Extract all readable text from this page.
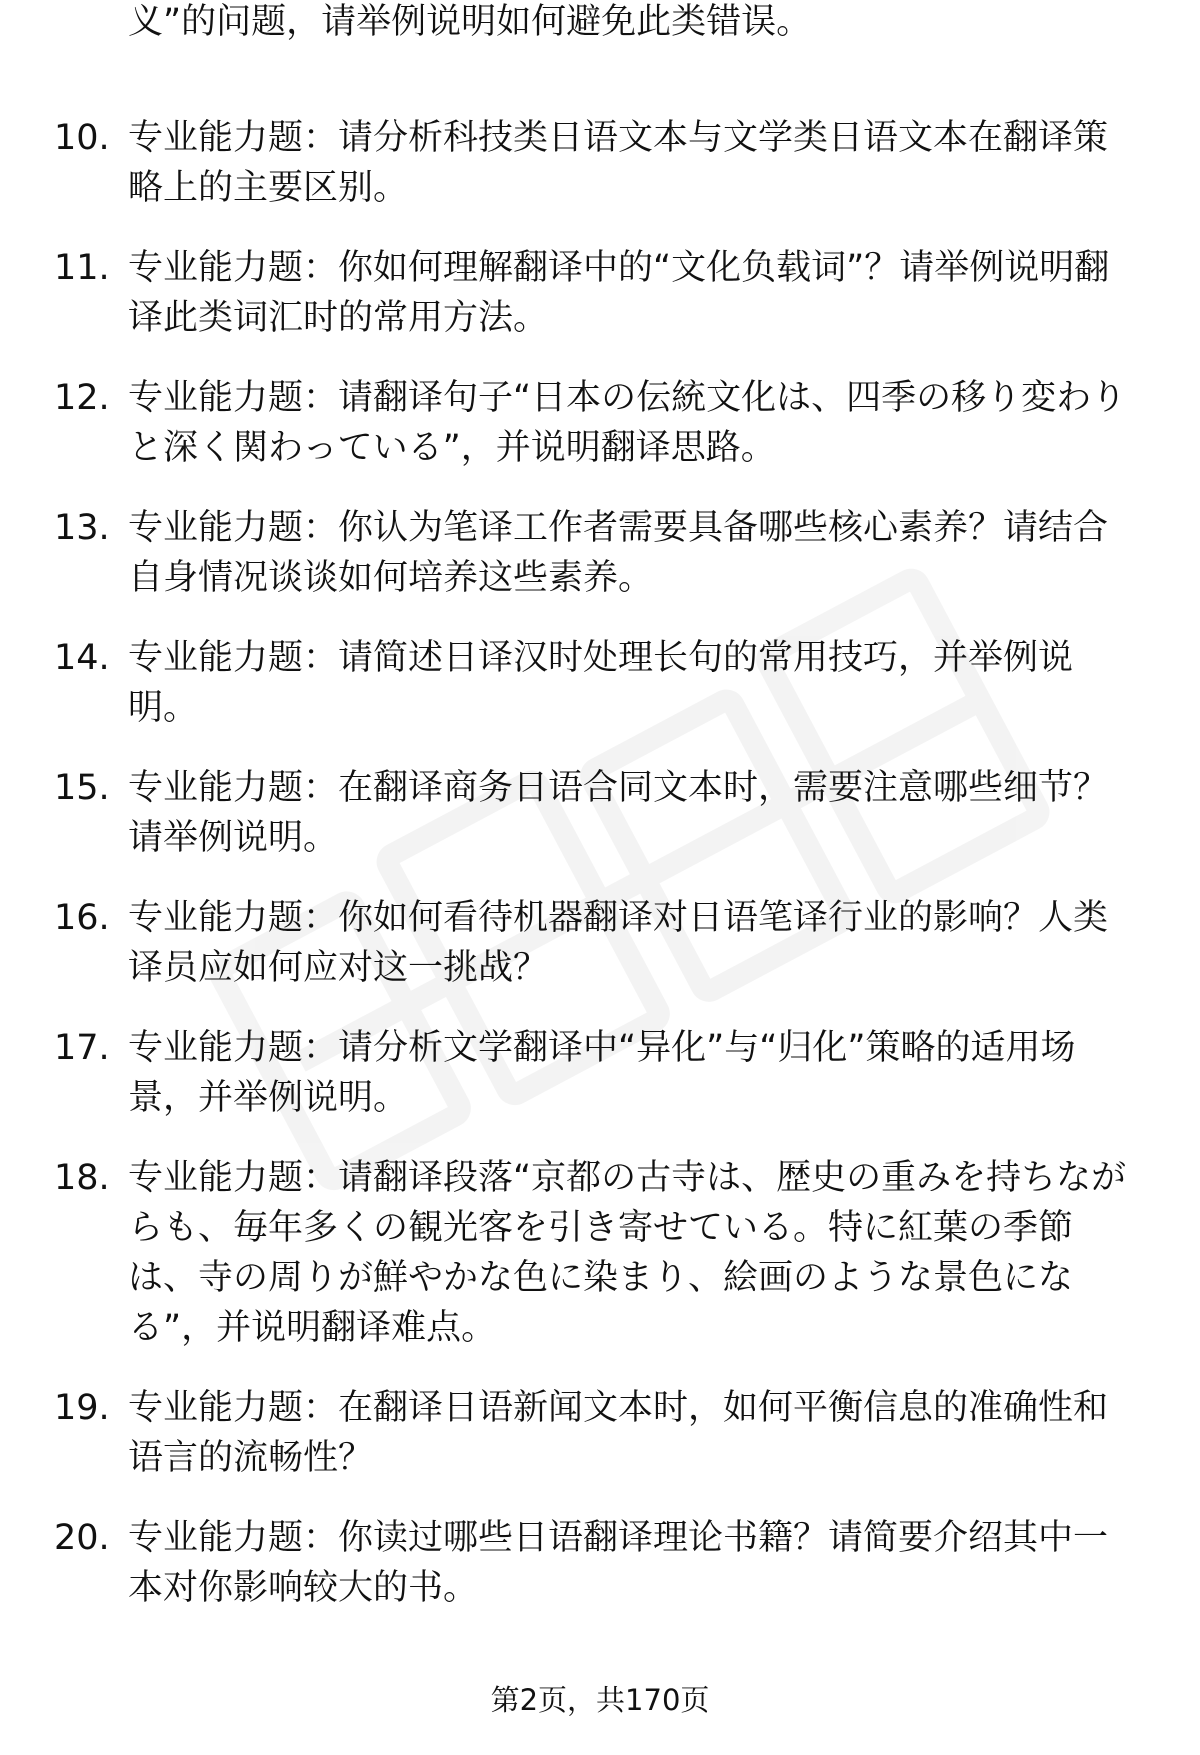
义”的问题，请举例说明如何避免此类错误。

10. 专业能力题：请分析科技类日语文本与文学类日语文本在翻译策略上的主要区别。
11. 专业能力题：你如何理解翻译中的“文化负载词”？请举例说明翻译此类词汇时的常用方法。
12. 专业能力题：请翻译句子“日本の伝統文化は、四季の移り変わりと深く関わっている”，并说明翻译思路。
13. 专业能力题：你认为笔译工作者需要具备哪些核心素养？请结合自身情况谈谈如何培养这些素养。
14. 专业能力题：请简述日译汉时处理长句的常用技巧，并举例说明。
15. 专业能力题：在翻译商务日语合同文本时，需要注意哪些细节？请举例说明。
16. 专业能力题：你如何看待机器翻译对日语笔译行业的影响？人类译员应如何应对这一挑战？
17. 专业能力题：请分析文学翻译中“异化”与“归化”策略的适用场景，并举例说明。
18. 专业能力题：请翻译段落“京都の古寺は、歴史の重みを持ちながらも、毎年多くの観光客を引き寄せている。特に紅葉の季節は、寺の周りが鮮やかな色に染まり、絵画のような景色になる”，并说明翻译难点。
19. 专业能力题：在翻译日语新闻文本时，如何平衡信息的准确性和语言的流畅性？
20. 专业能力题：你读过哪些日语翻译理论书籍？请简要介绍其中一本对你影响较大的书。
第2页，共170页
